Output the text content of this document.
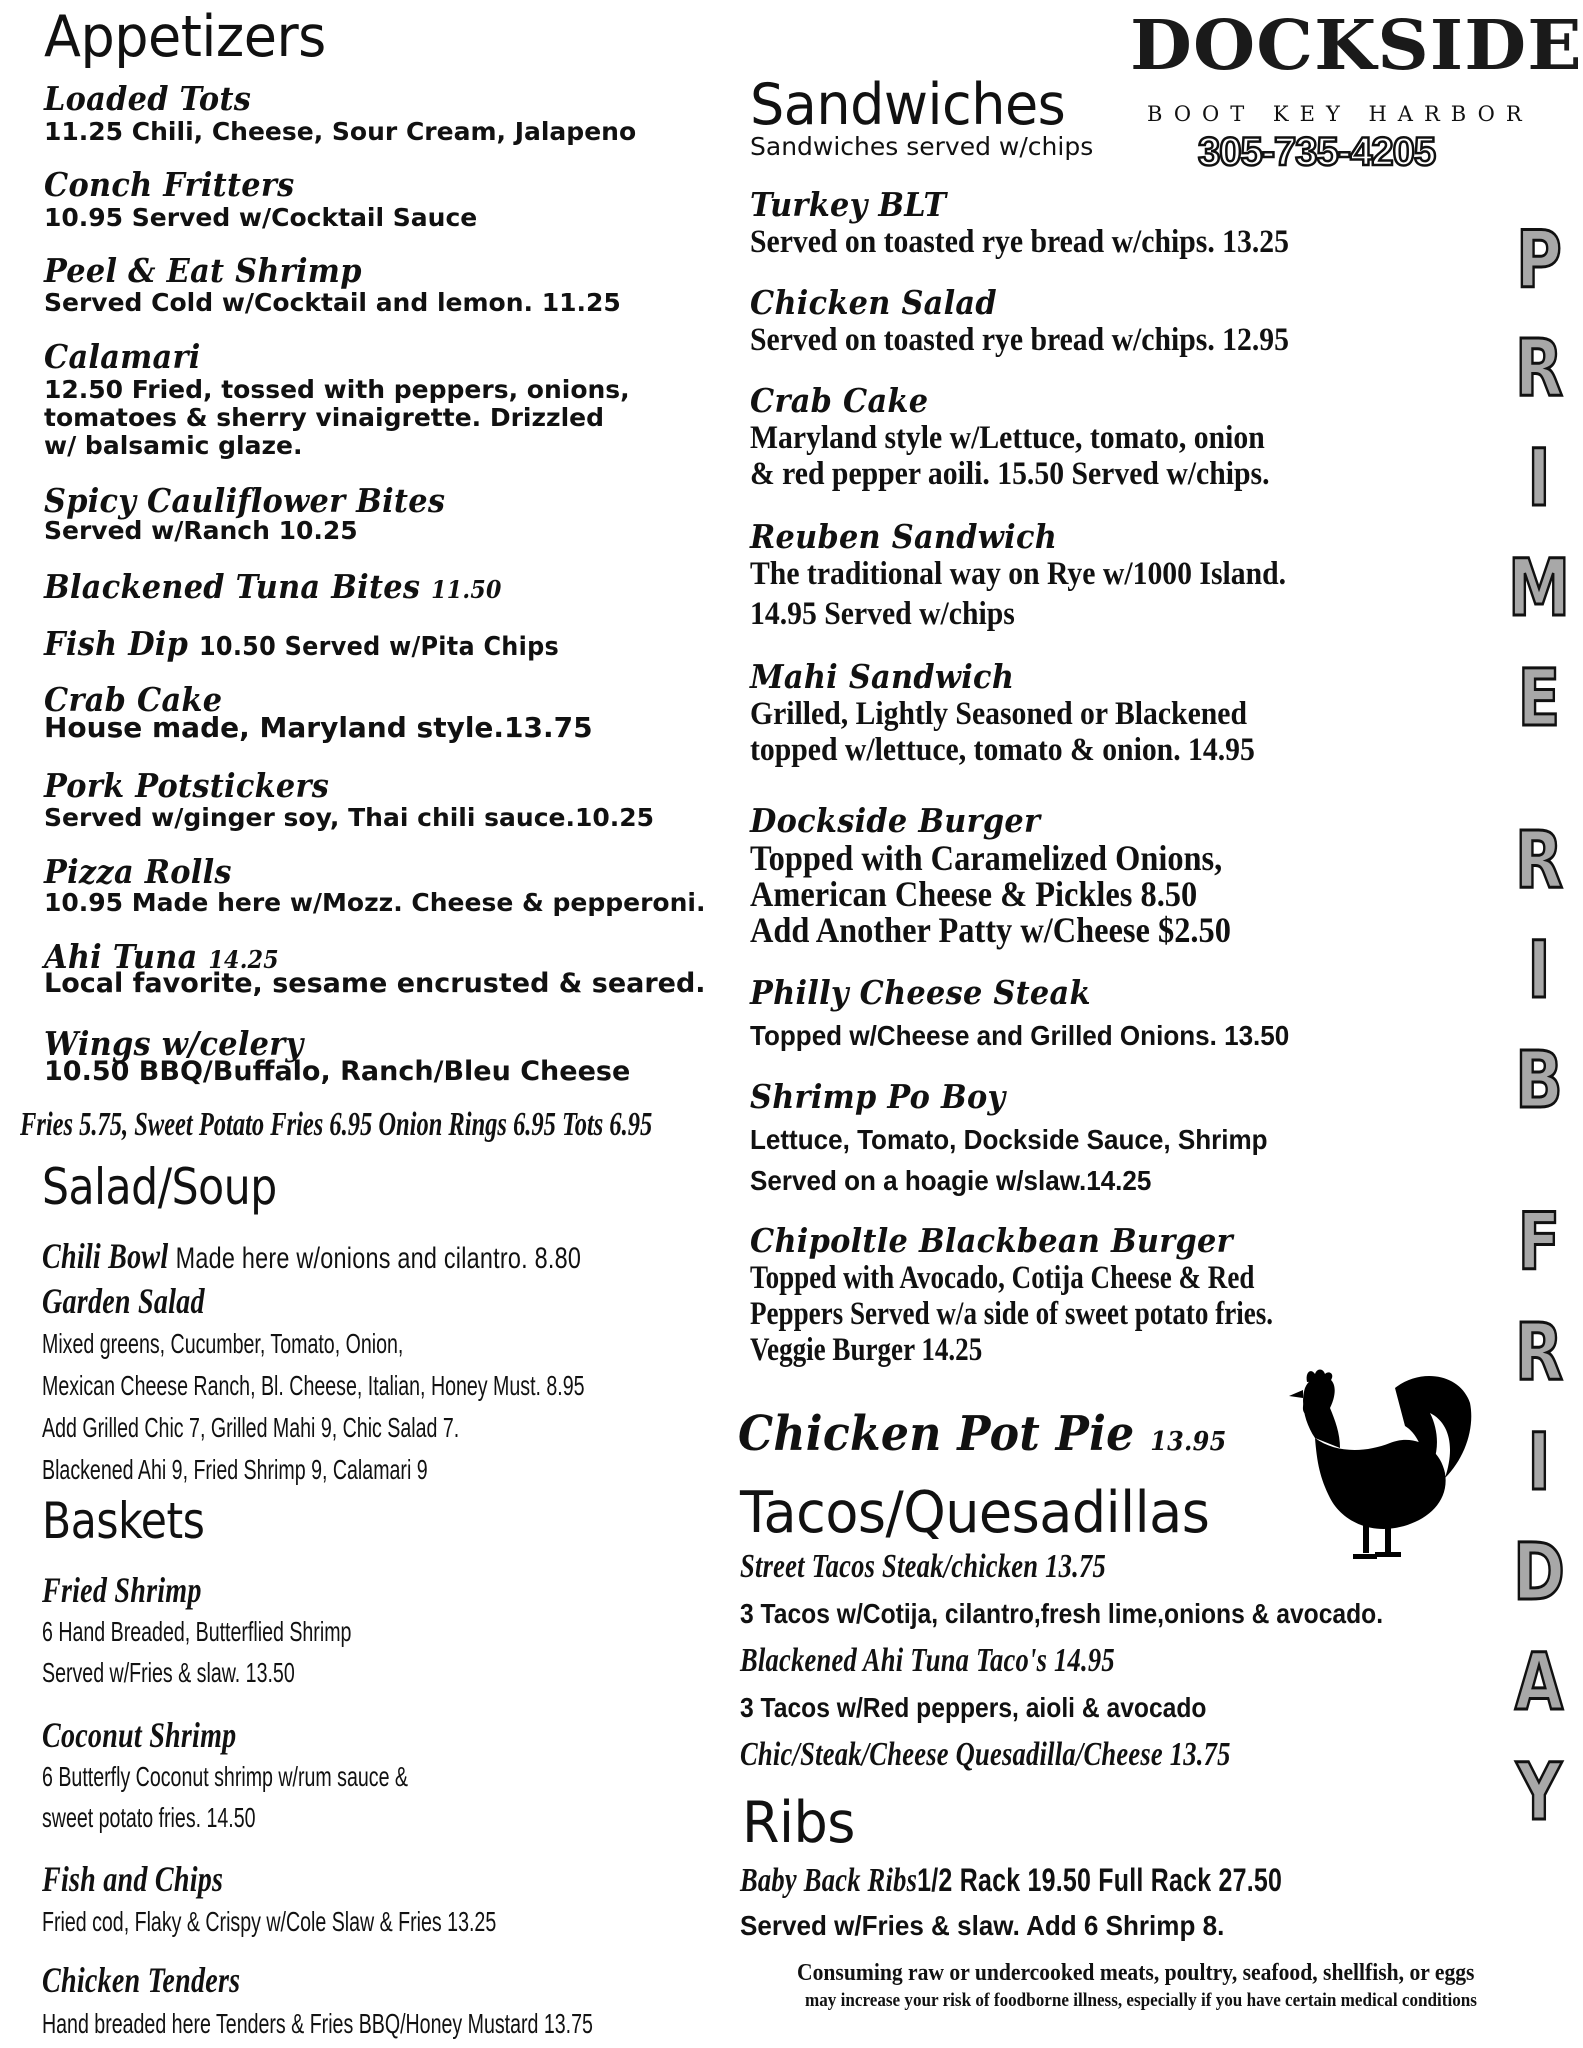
DOCKSIDE
BOOT KEY HARBOR
305-735-4205
Appetizers
Loaded Tots
11.25 Chili, Cheese, Sour Cream, Jalapeno
Conch Fritters
10.95 Served w/Cocktail Sauce
Peel & Eat Shrimp
Served Cold w/Cocktail and lemon. 11.25
Calamari
12.50 Fried, tossed with peppers, onions,
tomatoes & sherry vinaigrette. Drizzled
w/ balsamic glaze.
Spicy Cauliflower Bites
Served w/Ranch 10.25
Blackened Tuna Bites 11.50
Fish Dip 10.50 Served w/Pita Chips
Crab Cake
House made, Maryland style.13.75
Pork Potstickers
Served w/ginger soy, Thai chili sauce.10.25
Pizza Rolls
10.95 Made here w/Mozz. Cheese & pepperoni.
Ahi Tuna 14.25
Local favorite, sesame encrusted & seared.
Wings w/celery
10.50 BBQ/Buffalo, Ranch/Bleu Cheese
Fries 5.75, Sweet Potato Fries 6.95 Onion Rings 6.95 Tots 6.95
Salad/Soup
Chili Bowl Made here w/onions and cilantro. 8.80
Garden Salad
Mixed greens, Cucumber, Tomato, Onion,
Mexican Cheese Ranch, Bl. Cheese, Italian, Honey Must. 8.95
Add Grilled Chic 7, Grilled Mahi 9, Chic Salad 7.
Blackened Ahi 9, Fried Shrimp 9, Calamari 9
Baskets
Fried Shrimp
6 Hand Breaded, Butterflied Shrimp
Served w/Fries & slaw. 13.50
Coconut Shrimp
6 Butterfly Coconut shrimp w/rum sauce &
sweet potato fries. 14.50
Fish and Chips
Fried cod, Flaky & Crispy w/Cole Slaw & Fries 13.25
Chicken Tenders
Hand breaded here Tenders & Fries BBQ/Honey Mustard 13.75
Sandwiches
Sandwiches served w/chips
Turkey BLT
Served on toasted rye bread w/chips. 13.25
Chicken Salad
Served on toasted rye bread w/chips. 12.95
Crab Cake
Maryland style w/Lettuce, tomato, onion
& red pepper aoili. 15.50 Served w/chips.
Reuben Sandwich
The traditional way on Rye w/1000 Island.
14.95 Served w/chips
Mahi Sandwich
Grilled, Lightly Seasoned or Blackened
topped w/lettuce, tomato & onion. 14.95
Dockside Burger
Topped with Caramelized Onions,
American Cheese & Pickles 8.50
Add Another Patty w/Cheese $2.50
Philly Cheese Steak
Topped w/Cheese and Grilled Onions. 13.50
Shrimp Po Boy
Lettuce, Tomato, Dockside Sauce, Shrimp
Served on a hoagie w/slaw.14.25
Chipoltle Blackbean Burger
Topped with Avocado, Cotija Cheese & Red
Peppers Served w/a side of sweet potato fries.
Veggie Burger 14.25
Chicken Pot Pie 13.95
Tacos/Quesadillas
Street Tacos Steak/chicken 13.75
3 Tacos w/Cotija, cilantro,fresh lime,onions & avocado.
Blackened Ahi Tuna Taco's 14.95
3 Tacos w/Red peppers, aioli & avocado
Chic/Steak/Cheese Quesadilla/Cheese 13.75
Ribs
Baby Back Ribs1/2 Rack 19.50 Full Rack 27.50
Served w/Fries & slaw. Add 6 Shrimp 8.
Consuming raw or undercooked meats, poultry, seafood, shellfish, or eggs
may increase your risk of foodborne illness, especially if you have certain medical conditions
P
R
I
M
E
R
I
B
F
R
I
D
A
Y
